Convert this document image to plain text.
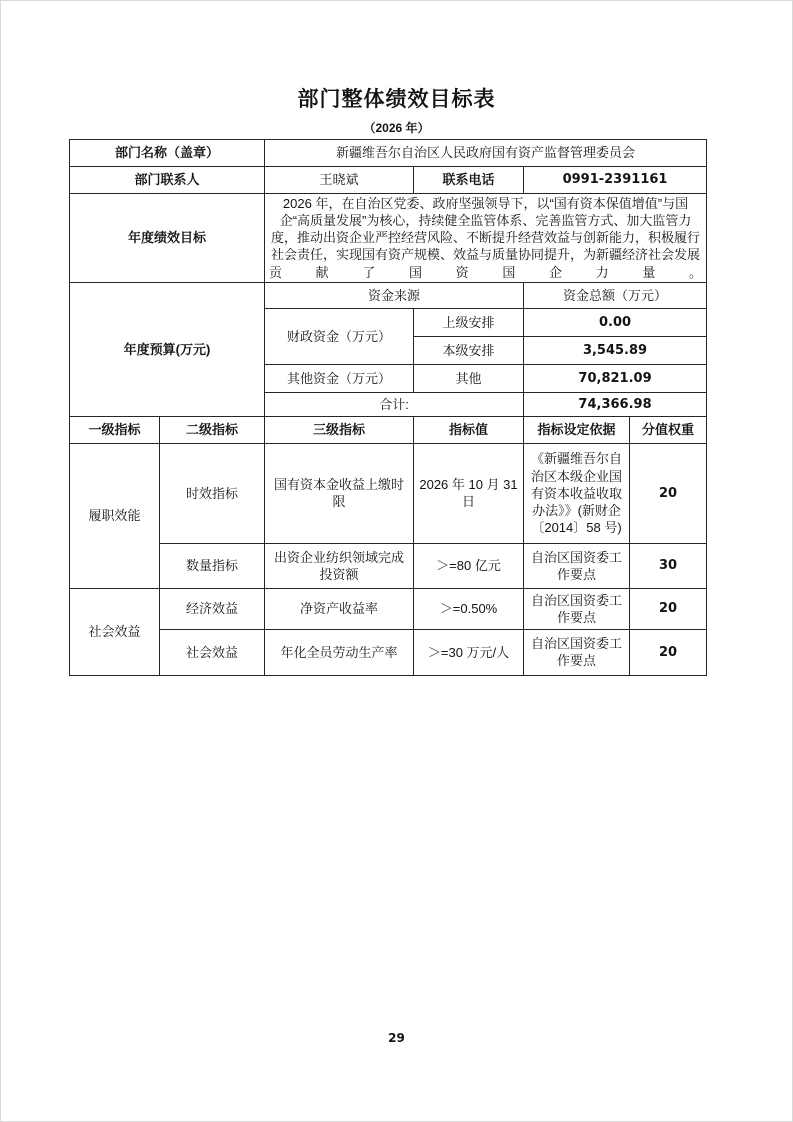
部门整体绩效目标表
（2026 年）
部门名称（盖章）		新疆维吾尔自治区人民政府国有资产监督管理委员会			
部门联系人		王晓斌	联系电话	0991-2391161	
年度绩效目标		2026 年，在自治区党委、政府坚强领导下，以“国有资本保值增值”与国企“高质量发展”为核心，持续健全监管体系、完善监管方式、加大监管力度，推动出资企业严控经营风险、不断提升经营效益与创新能力，积极履行社会责任，实现国有资产规模、效益与质量协同提升，为新疆经济社会发展贡献了国资国企力量。			
年度预算(万元)		资金来源		资金总额（万元）	
		财政资金（万元）	上级安排	0.00	
			本级安排	3,545.89	
		其他资金（万元）	其他	70,821.09	
		合计:		74,366.98	
一级指标	二级指标	三级指标	指标值	指标设定依据	分值权重
履职效能	时效指标	国有资本金收益上缴时限	2026 年 10 月 31 日	《新疆维吾尔自治区本级企业国有资本收益收取办法》》(新财企〔2014〕58 号)	20
	数量指标	出资企业纺织领域完成投资额	＞=80 亿元	自治区国资委工作要点	30
社会效益	经济效益	净资产收益率	＞=0.50%	自治区国资委工作要点	20
	社会效益	年化全员劳动生产率	＞=30 万元/人	自治区国资委工作要点	20
29
